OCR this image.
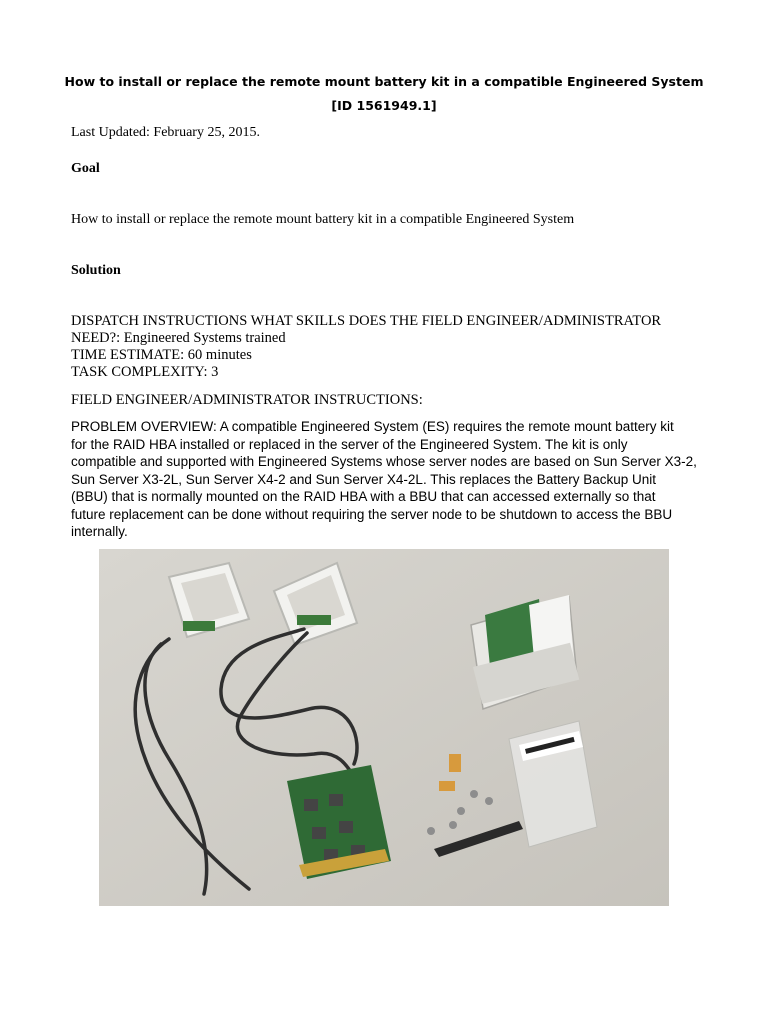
How to install or replace the remote mount battery kit in a compatible Engineered System
[ID 1561949.1]
Last Updated: February 25, 2015.
Goal
How to install or replace the remote mount battery kit in a compatible Engineered System
Solution
DISPATCH INSTRUCTIONS WHAT SKILLS DOES THE FIELD ENGINEER/ADMINISTRATOR
NEED?: Engineered Systems trained
TIME ESTIMATE: 60 minutes
TASK COMPLEXITY: 3
FIELD ENGINEER/ADMINISTRATOR INSTRUCTIONS:
PROBLEM OVERVIEW: A compatible Engineered System (ES) requires the remote mount battery kit
for the RAID HBA installed or replaced in the server of the Engineered System. The kit is only
compatible and supported with Engineered Systems whose server nodes are based on Sun Server X3-2,
Sun Server X3-2L, Sun Server X4-2 and Sun Server X4-2L. This replaces the Battery Backup Unit
(BBU) that is normally mounted on the RAID HBA with a BBU that can accessed externally so that
future replacement can be done without requiring the server node to be shutdown to access the BBU
internally.
